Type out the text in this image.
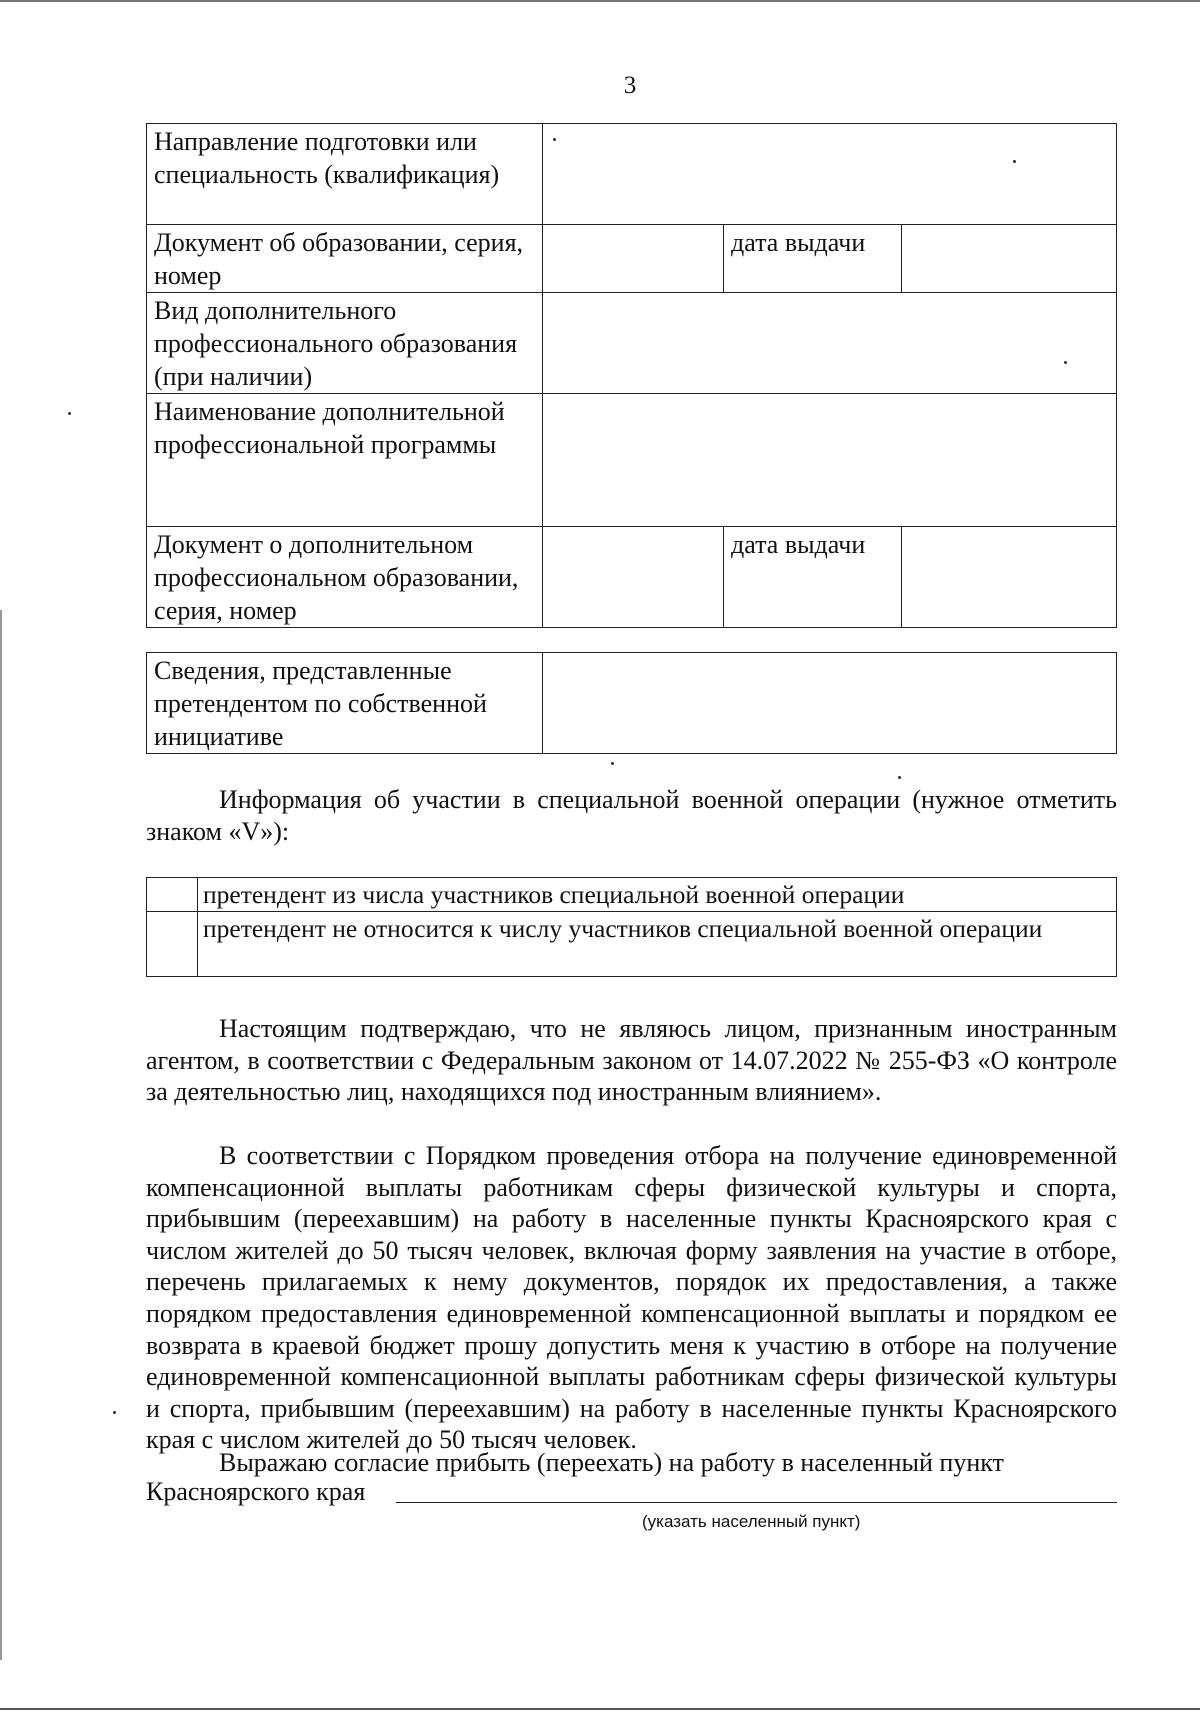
3
Направление подготовки или специальность (квалификация)			
Документ об образовании, серия, номер		дата выдачи	
Вид дополнительного профессионального образования (при наличии)			
Наименование дополнительной профессиональной программы			
Документ о дополнительном профессиональном образовании, серия, номер		дата выдачи	
Сведения, представленные претендентом по собственной инициативе	

Информация об участии в специальной военной операции (нужное отметить знаком «V»):

	претендент из числа участников специальной военной операции
	претендент не относится к числу участников специальной военной операции

Настоящим подтверждаю, что не являюсь лицом, признанным иностранным агентом, в соответствии с Федеральным законом от 14.07.2022 № 255-ФЗ «О контроле за деятельностью лиц, находящихся под иностранным влиянием».

В соответствии с Порядком проведения отбора на получение единовременной компенсационной выплаты работникам сферы физической культуры и спорта, прибывшим (переехавшим) на работу в населенные пункты Красноярского края с числом жителей до 50 тысяч человек, включая форму заявления на участие в отборе, перечень прилагаемых к нему документов, порядок их предоставления, а также порядком предоставления единовременной компенсационной выплаты и порядком ее возврата в краевой бюджет прошу допустить меня к участию в отборе на получение единовременной компенсационной выплаты работникам сферы физической культуры и спорта, прибывшим (переехавшим) на работу в населенные пункты Красноярского края с числом жителей до 50 тысяч человек.

Выражаю согласие прибыть (переехать) на работу в населенный пункт

Красноярского края
(указать населенный пункт)
